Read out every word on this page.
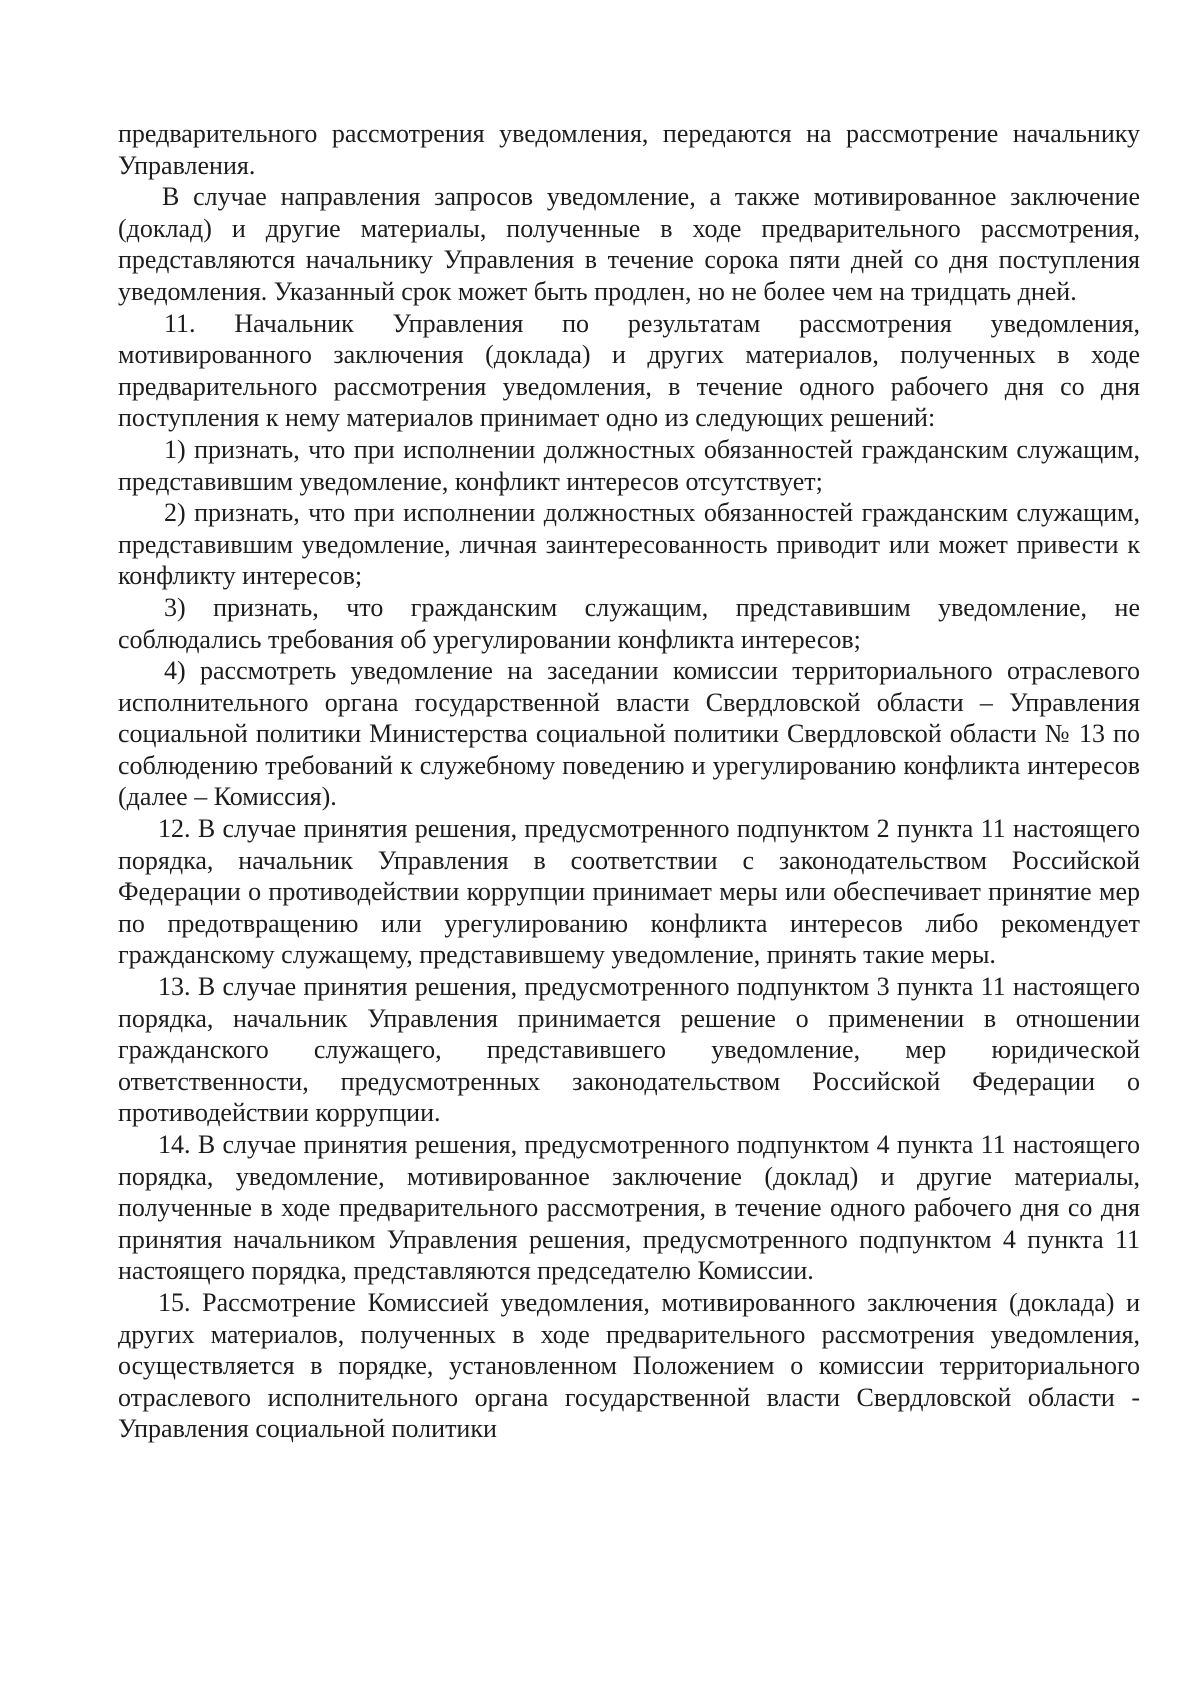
предварительного рассмотрения уведомления, передаются на рассмотрение начальнику Управления.

В случае направления запросов уведомление, а также мотивированное заключение (доклад) и другие материалы, полученные в ходе предварительного рассмотрения, представляются начальнику Управления в течение сорока пяти дней со дня поступления уведомления. Указанный срок может быть продлен, но не более чем на тридцать дней.

11. Начальник Управления по результатам рассмотрения уведомления, мотивированного заключения (доклада) и других материалов, полученных в ходе предварительного рассмотрения уведомления, в течение одного рабочего дня со дня поступления к нему материалов принимает одно из следующих решений:

1) признать, что при исполнении должностных обязанностей гражданским служащим, представившим уведомление, конфликт интересов отсутствует;

2) признать, что при исполнении должностных обязанностей гражданским служащим, представившим уведомление, личная заинтересованность приводит или может привести к конфликту интересов;

3) признать, что гражданским служащим, представившим уведомление, не соблюдались требования об урегулировании конфликта интересов;

4) рассмотреть уведомление на заседании комиссии территориального отраслевого исполнительного органа государственной власти Свердловской области – Управления социальной политики Министерства социальной политики Свердловской области № 13 по соблюдению требований к служебному поведению и урегулированию конфликта интересов (далее – Комиссия).

12. В случае принятия решения, предусмотренного подпунктом 2 пункта 11 настоящего порядка, начальник Управления в соответствии с законодательством Российской Федерации о противодействии коррупции принимает меры или обеспечивает принятие мер по предотвращению или урегулированию конфликта интересов либо рекомендует гражданскому служащему, представившему уведомление, принять такие меры.

13. В случае принятия решения, предусмотренного подпунктом 3 пункта 11 настоящего порядка, начальник Управления принимается решение о применении в отношении гражданского служащего, представившего уведомление, мер юридической ответственности, предусмотренных законодательством Российской Федерации о противодействии коррупции.

14. В случае принятия решения, предусмотренного подпунктом 4 пункта 11 настоящего порядка, уведомление, мотивированное заключение (доклад) и другие материалы, полученные в ходе предварительного рассмотрения, в течение одного рабочего дня со дня принятия начальником Управления решения, предусмотренного подпунктом 4 пункта 11 настоящего порядка, представляются председателю Комиссии.

15. Рассмотрение Комиссией уведомления, мотивированного заключения (доклада) и других материалов, полученных в ходе предварительного рассмотрения уведомления, осуществляется в порядке, установленном Положением о комиссии территориального отраслевого исполнительного органа государственной власти Свердловской области - Управления социальной политики
